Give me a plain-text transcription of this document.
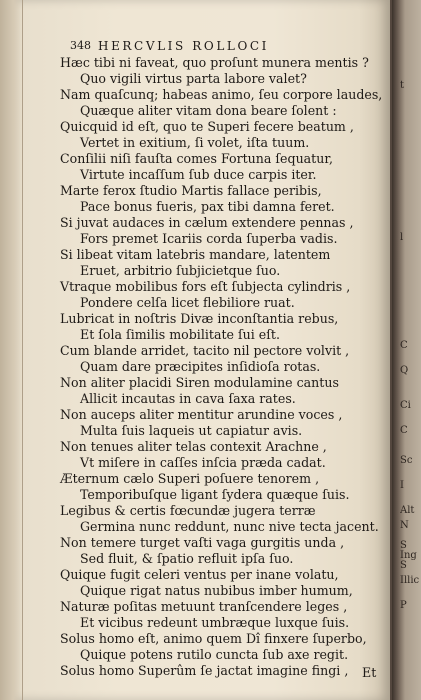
t
l
C
Q
Ci
C
Sc
I
Alt
N
S
Ing
S
Illic
P
348 HERCVLIS ROLLOCI
Hæc tibi ni faveat, quo proſunt munera mentis ?
Quo vigili virtus parta labore valet?
Nam quaſcunq; habeas animo, ſeu corpore laudes,
Quæque aliter vitam dona beare ſolent :
Quicquid id eſt, quo te Superi fecere beatum ,
Vertet in exitium, ſi volet, iſta tuum.
Conſilii niſi fauſta comes Fortuna ſequatur,
Virtute incaſſum ſub duce carpis iter.
Marte ferox ſtudio Martis fallace peribis,
Pace bonus fueris, pax tibi damna feret.
Si juvat audaces in cælum extendere pennas ,
Fors premet Icariis corda ſuperba vadis.
Si libeat vitam latebris mandare, latentem
Eruet, arbitrio ſubjicietque ſuo.
Vtraque mobilibus fors eſt ſubjecta cylindris ,
Pondere celſa licet flebiliore ruat.
Lubricat in noſtris Divæ inconſtantia rebus,
Et ſola ſimilis mobilitate ſui eſt.
Cum blande arridet, tacito nil pectore volvit ,
Quam dare præcipites inſidioſa rotas.
Non aliter placidi Siren modulamine cantus
Allicit incautas in cava ſaxa rates.
Non auceps aliter mentitur arundine voces ,
Multa ſuis laqueis ut capiatur avis.
Non tenues aliter telas contexit Arachne ,
Vt miſere in caſſes inſcia præda cadat.
Æternum cælo Superi poſuere tenorem ,
Temporibuſque ligant ſydera quæque ſuis.
Legibus & certis fœcundæ jugera terræ
Germina nunc reddunt, nunc nive tecta jacent.
Non temere turget vaſti vaga gurgitis unda ,
Sed fluit, & ſpatio refluit ipſa ſuo.
Quique fugit celeri ventus per inane volatu,
Quique rigat natus nubibus imber humum,
Naturæ poſitas metuunt tranſcendere leges ,
Et vicibus redeunt umbræque luxque ſuis.
Solus homo eſt, animo quem Dî finxere ſuperbo,
Quique potens rutilo cuncta ſub axe regit.
Solus homo Superûm ſe jactat imagine fingi , Et
